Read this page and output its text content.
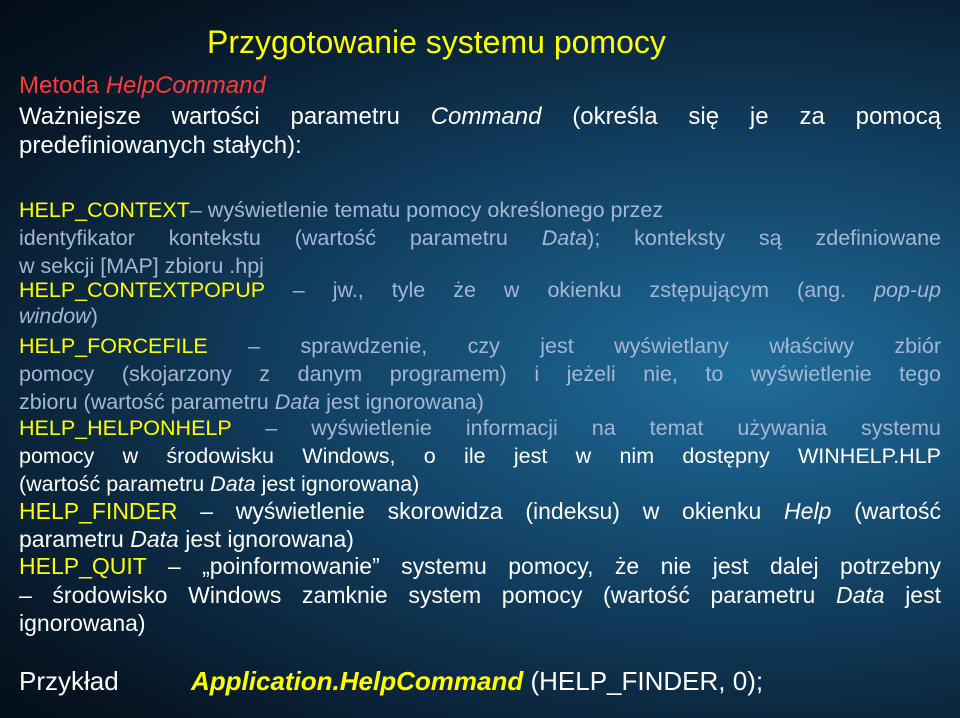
Przygotowanie systemu pomocy
Metoda HelpCommand
Ważniejsze wartości parametru Command (określa się je za pomocą
predefiniowanych stałych):
HELP_CONTEXT– wyświetlenie tematu pomocy określonego przez
identyfikator kontekstu (wartość parametru Data); konteksty są zdefiniowane
w sekcji [MAP] zbioru .hpj
HELP_CONTEXTPOPUP – jw., tyle że w okienku zstępującym (ang. pop-up
window)
HELP_FORCEFILE – sprawdzenie, czy jest wyświetlany właściwy zbiór
pomocy (skojarzony z danym programem) i jeżeli nie, to wyświetlenie tego
zbioru (wartość parametru Data jest ignorowana)
HELP_HELPONHELP – wyświetlenie informacji na temat używania systemu
pomocy w środowisku Windows, o ile jest w nim dostępny WINHELP.HLP
(wartość parametru Data jest ignorowana)
HELP_FINDER – wyświetlenie skorowidza (indeksu) w okienku Help (wartość
parametru Data jest ignorowana)
HELP_QUIT – „poinformowanie” systemu pomocy, że nie jest dalej potrzebny
– środowisko Windows zamknie system pomocy (wartość parametru Data jest
ignorowana)
Przykład	Application.HelpCommand (HELP_FINDER, 0);
